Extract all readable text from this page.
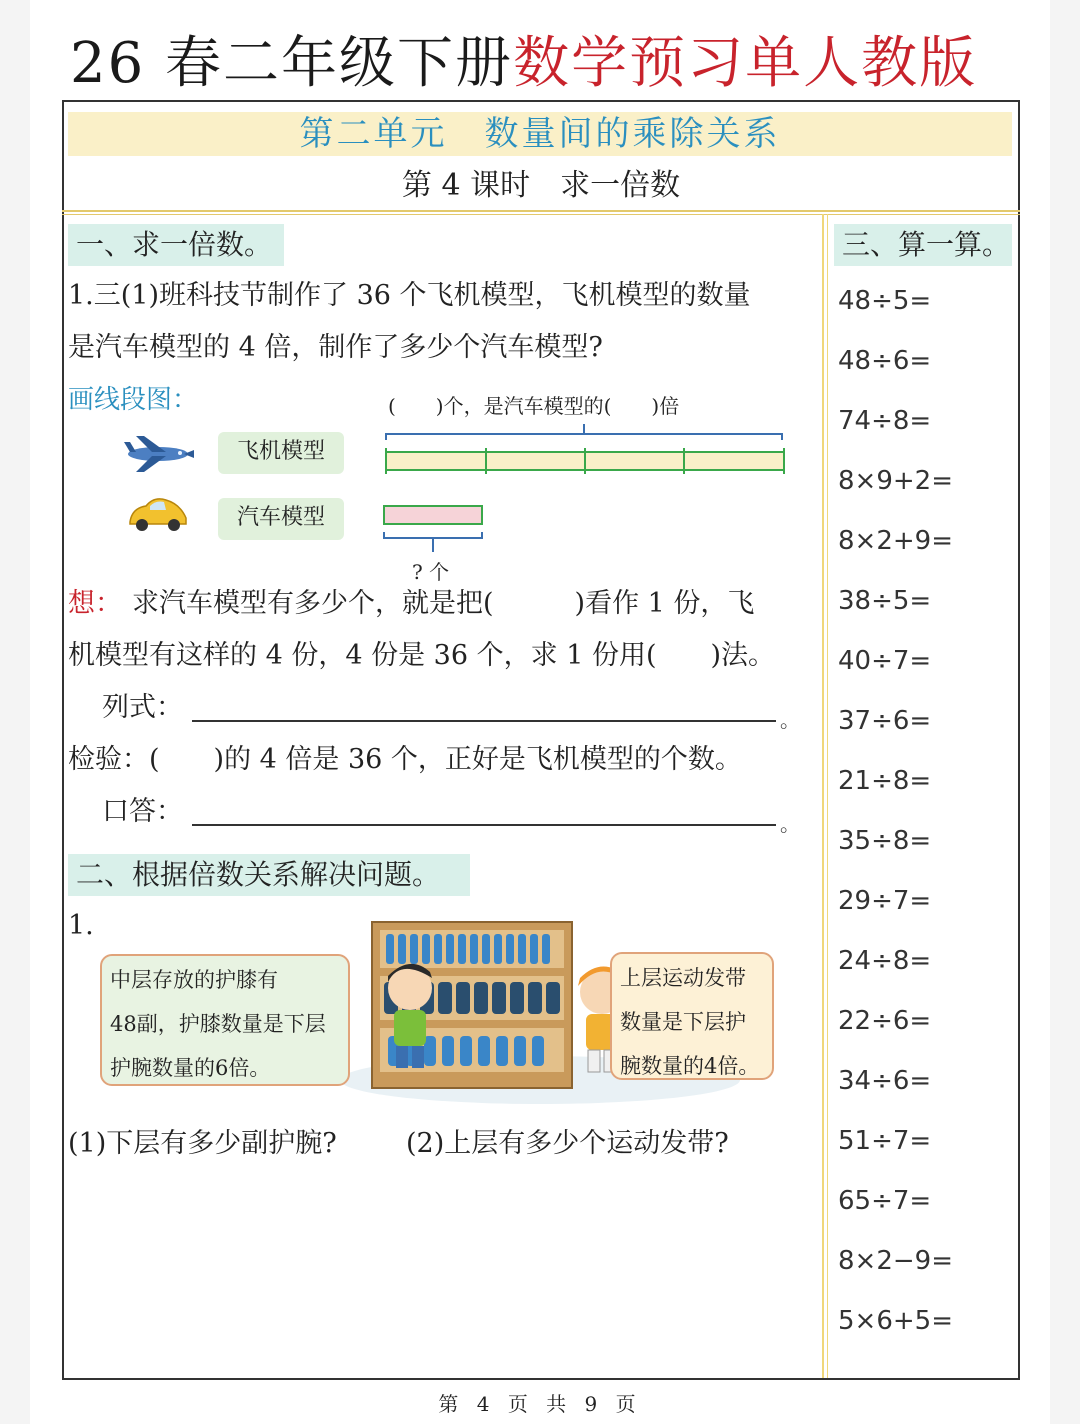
26 春二年级下册数学预习单人教版
第二单元　数量间的乘除关系
第 4 课时　求一倍数
一、求一倍数。
1.三(1)班科技节制作了 36 个飞机模型，飞机模型的数量
是汽车模型的 4 倍，制作了多少个汽车模型?
画线段图：	(　　)个，是汽车模型的(　　)倍
? 个
飞机模型
汽车模型
想： 求汽车模型有多少个，就是把(　　　)看作 1 份，飞
机模型有这样的 4 份，4 份是 36 个，求 1 份用(　　)法。
列式：	。
检验：(　　)的 4 倍是 36 个，正好是飞机模型的个数。
口答：	。
二、根据倍数关系解决问题。
1.
中层存放的护膝有
48副，护膝数量是下层
护腕数量的6倍。
上层运动发带
数量是下层护
腕数量的4倍。
(1)下层有多少副护腕?	(2)上层有多少个运动发带?
三、算一算。
48÷5=
48÷6=
74÷8=
8×9+2=
8×2+9=
38÷5=
40÷7=
37÷6=
21÷8=
35÷8=
29÷7=
24÷8=
22÷6=
34÷6=
51÷7=
65÷7=
8×2−9=
5×6+5=
第 4 页 共 9 页
